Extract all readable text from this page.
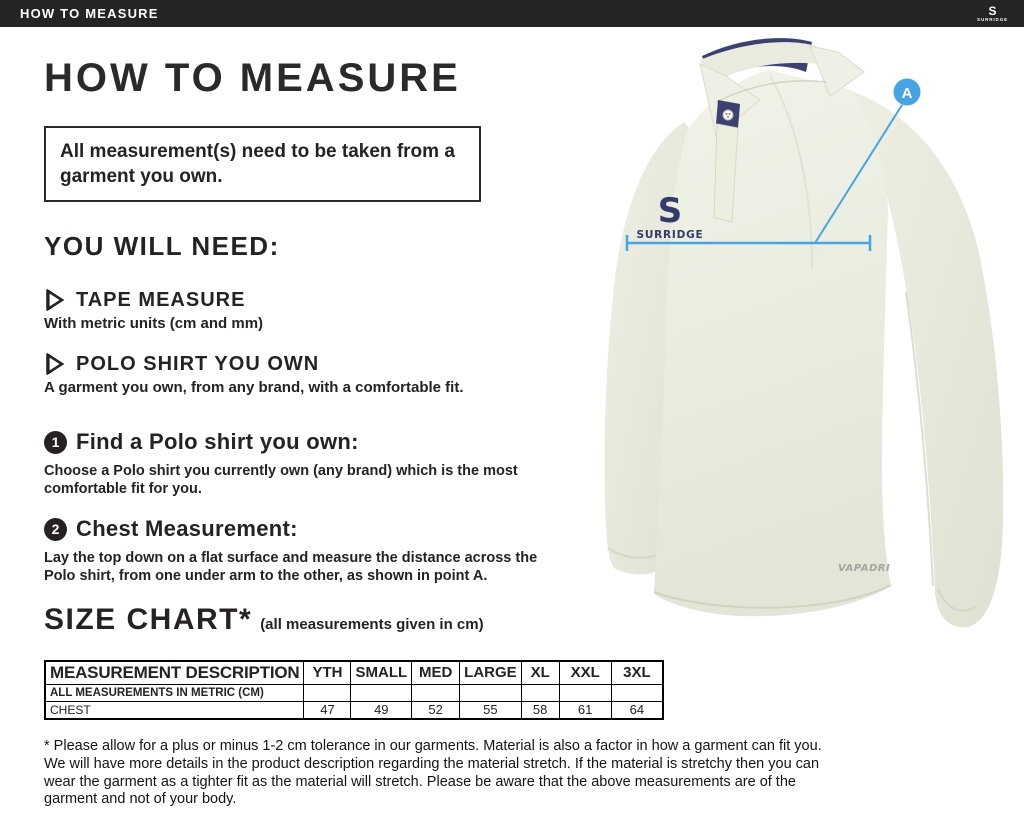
HOW TO MEASURE	S
SURRIDGE
HOW TO MEASURE
All measurement(s) need to be taken from a garment you own.
YOU WILL NEED:
TAPE MEASURE
With metric units (cm and mm)
POLO SHIRT YOU OWN
A garment you own, from any brand, with a comfortable fit.
1 Find a Polo shirt you own:
Choose a Polo shirt you currently own (any brand) which is the most comfortable fit for you.
2 Chest Measurement:
Lay the top down on a flat surface and measure the distance across the Polo shirt, from one under arm to the other, as shown in point A.
SIZE CHART* (all measurements given in cm)
MEASUREMENT DESCRIPTION	YTH	SMALL	MED	LARGE	XL	XXL	3XL
ALL MEASUREMENTS IN METRIC (CM)							
CHEST	47	49	52	55	58	61	64
* Please allow for a plus or minus 1-2 cm tolerance in our garments. Material is also a factor in how a garment can fit you. We will have more details in the product description regarding the material stretch. If the material is stretchy then you can wear the garment as a tighter fit as the material will stretch. Please be aware that the above measurements are of the garment and not of your body.
S
SURRIDGE
VAPADRI
A
